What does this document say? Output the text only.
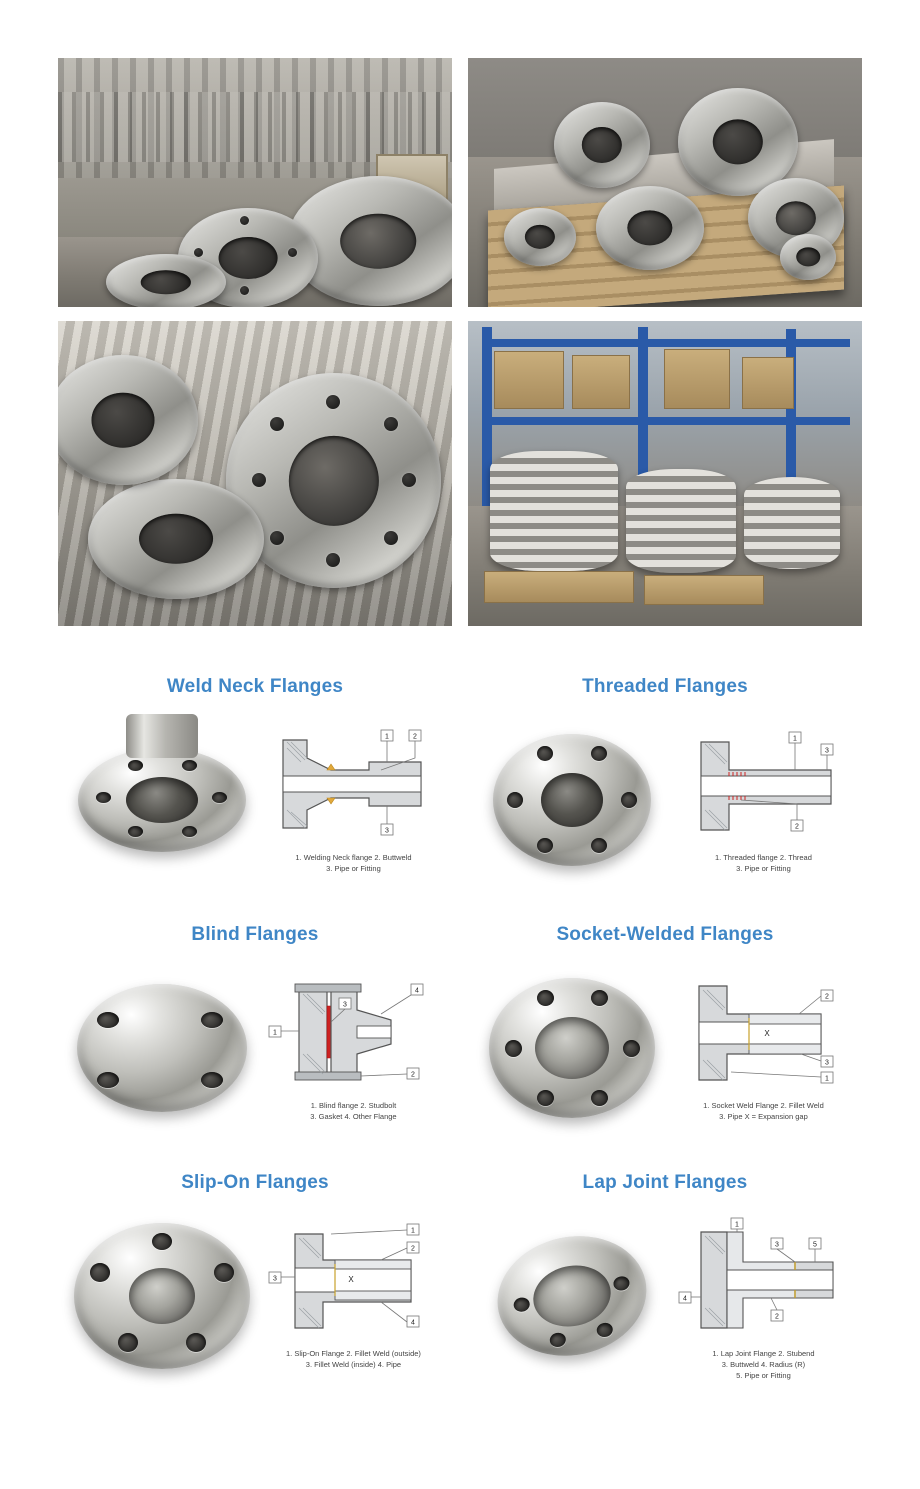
Weld Neck Flanges
1	2
3
1. Welding Neck flange 2. Buttweld
3. Pipe or Fitting
Threaded Flanges
1
3
2
1. Threaded flange 2. Thread
3. Pipe or Fitting
Blind Flanges
1
2
3
4
1. Blind flange 2. Studbolt
3. Gasket 4. Other Flange
Socket-Welded Flanges
X
2
3
1
1. Socket Weld Flange 2. Fillet Weld
3. Pipe X = Expansion gap
Slip-On Flanges
X
1
2
3
4
1. Slip-On Flange 2. Fillet Weld (outside)
3. Fillet Weld (inside) 4. Pipe
Lap Joint Flanges
1
3	5
4
2
1. Lap Joint Flange 2. Stubend
3. Buttweld 4. Radius (R)
5. Pipe or Fitting
